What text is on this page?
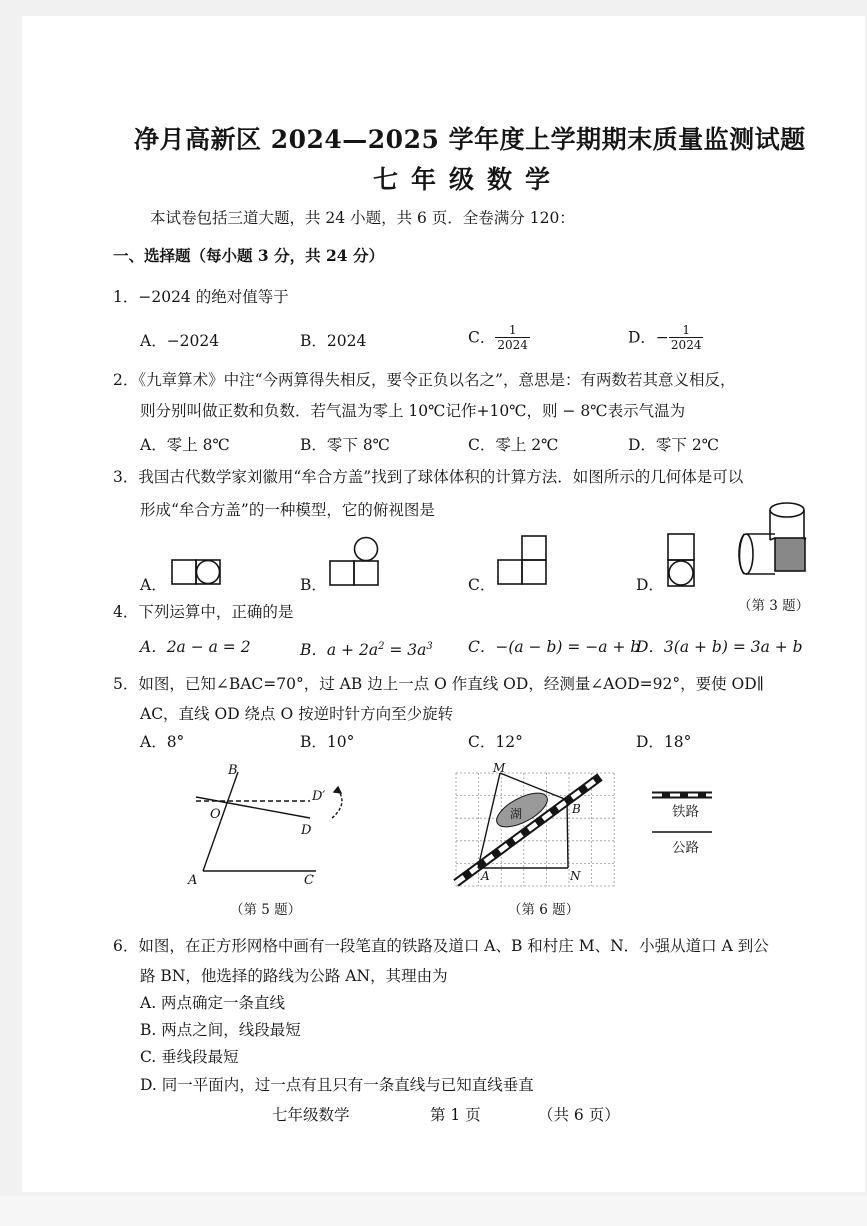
净月高新区 2024—2025 学年度上学期期末质量监测试题
七年级数学
本试卷包括三道大题，共 24 小题，共 6 页．全卷满分 120：
一、选择题（每小题 3 分，共 24 分）
1．−2024 的绝对值等于
A．−2024	B．2024	C． $\frac{1}{2024}$	D．− $\frac{1}{2024}$
2．《九章算术》中注“今两算得失相反，要令正负以名之”，意思是：有两数若其意义相反，
则分别叫做正数和负数．若气温为零上 10℃记作+10℃，则 − 8℃表示气温为
A．零上 8℃	B．零下 8℃	C．零上 2℃	D．零下 2℃
3．我国古代数学家刘徽用“牟合方盖”找到了球体体积的计算方法．如图所示的几何体是可以
形成“牟合方盖”的一种模型，它的俯视图是
A．	B．	C．	D．
（第 3 题）
4．下列运算中，正确的是
A．2a − a = 2	B．$a + 2a^2 = 3a^3$ C．−(a − b) = −a + b
D．3(a + b) = 3a + b
5．如图，已知∠BAC=70°，过 AB 边上一点 O 作直线 OD，经测量∠AOD=92°，要使 OD∥
AC，直线 OD 绕点 O 按逆时针方向至少旋转
A．8°	B．10°	C．12°	D．18°
B
O
D′
D
A	C
M
B
A	N
湖	铁路
公路
（第 5 题）	（第 6 题）
6．如图，在正方形网格中画有一段笔直的铁路及道口 A、B 和村庄 M、N．小强从道口 A 到公
路 BN，他选择的路线为公路 AN，其理由为
A. 两点确定一条直线
B. 两点之间，线段最短
C. 垂线段最短
D. 同一平面内，过一点有且只有一条直线与已知直线垂直
七年级数学	第 1 页	（共 6 页）
